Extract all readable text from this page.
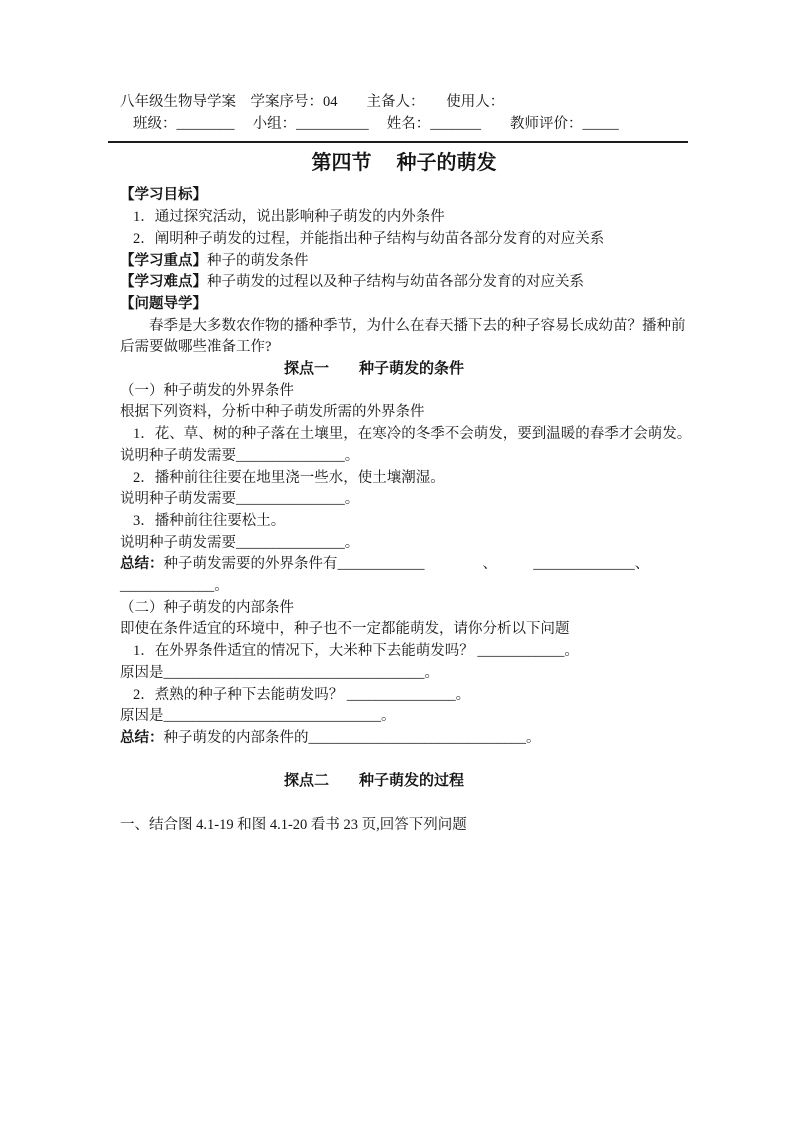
八年级生物导学案　学案序号：04　　主备人：　　使用人：
班级：________　 小组：__________　 姓名：_______　　教师评价：_____
第四节　 种子的萌发
【学习目标】
1．通过探究活动，说出影响种子萌发的内外条件
2．阐明种子萌发的过程，并能指出种子结构与幼苗各部分发育的对应关系
【学习重点】种子的萌发条件
【学习难点】种子萌发的过程以及种子结构与幼苗各部分发育的对应关系
【问题导学】
春季是大多数农作物的播种季节，为什么在春天播下去的种子容易长成幼苗？播种前
后需要做哪些准备工作?
探点一　　种子萌发的条件
（一）种子萌发的外界条件
根据下列资料，分析中种子萌发所需的外界条件
1．花、草、树的种子落在土壤里，在寒冷的冬季不会萌发，要到温暖的春季才会萌发。
说明种子萌发需要_______________。
2．播种前往往要在地里浇一些水，使土壤潮湿。
说明种子萌发需要_______________。
3．播种前往往要松土。
说明种子萌发需要_______________。
总结：种子萌发需要的外界条件有____________　　　　、　　　______________、
_____________。
（二）种子萌发的内部条件
即使在条件适宜的环境中，种子也不一定都能萌发，请你分析以下问题
1．在外界条件适宜的情况下，大米种下去能萌发吗？ ____________。
原因是____________________________________。
2．煮熟的种子种下去能萌发吗？ _______________。
原因是______________________________。
总结：种子萌发的内部条件的______________________________。
探点二　　种子萌发的过程
一、结合图 4.1-19 和图 4.1-20 看书 23 页,回答下列问题
